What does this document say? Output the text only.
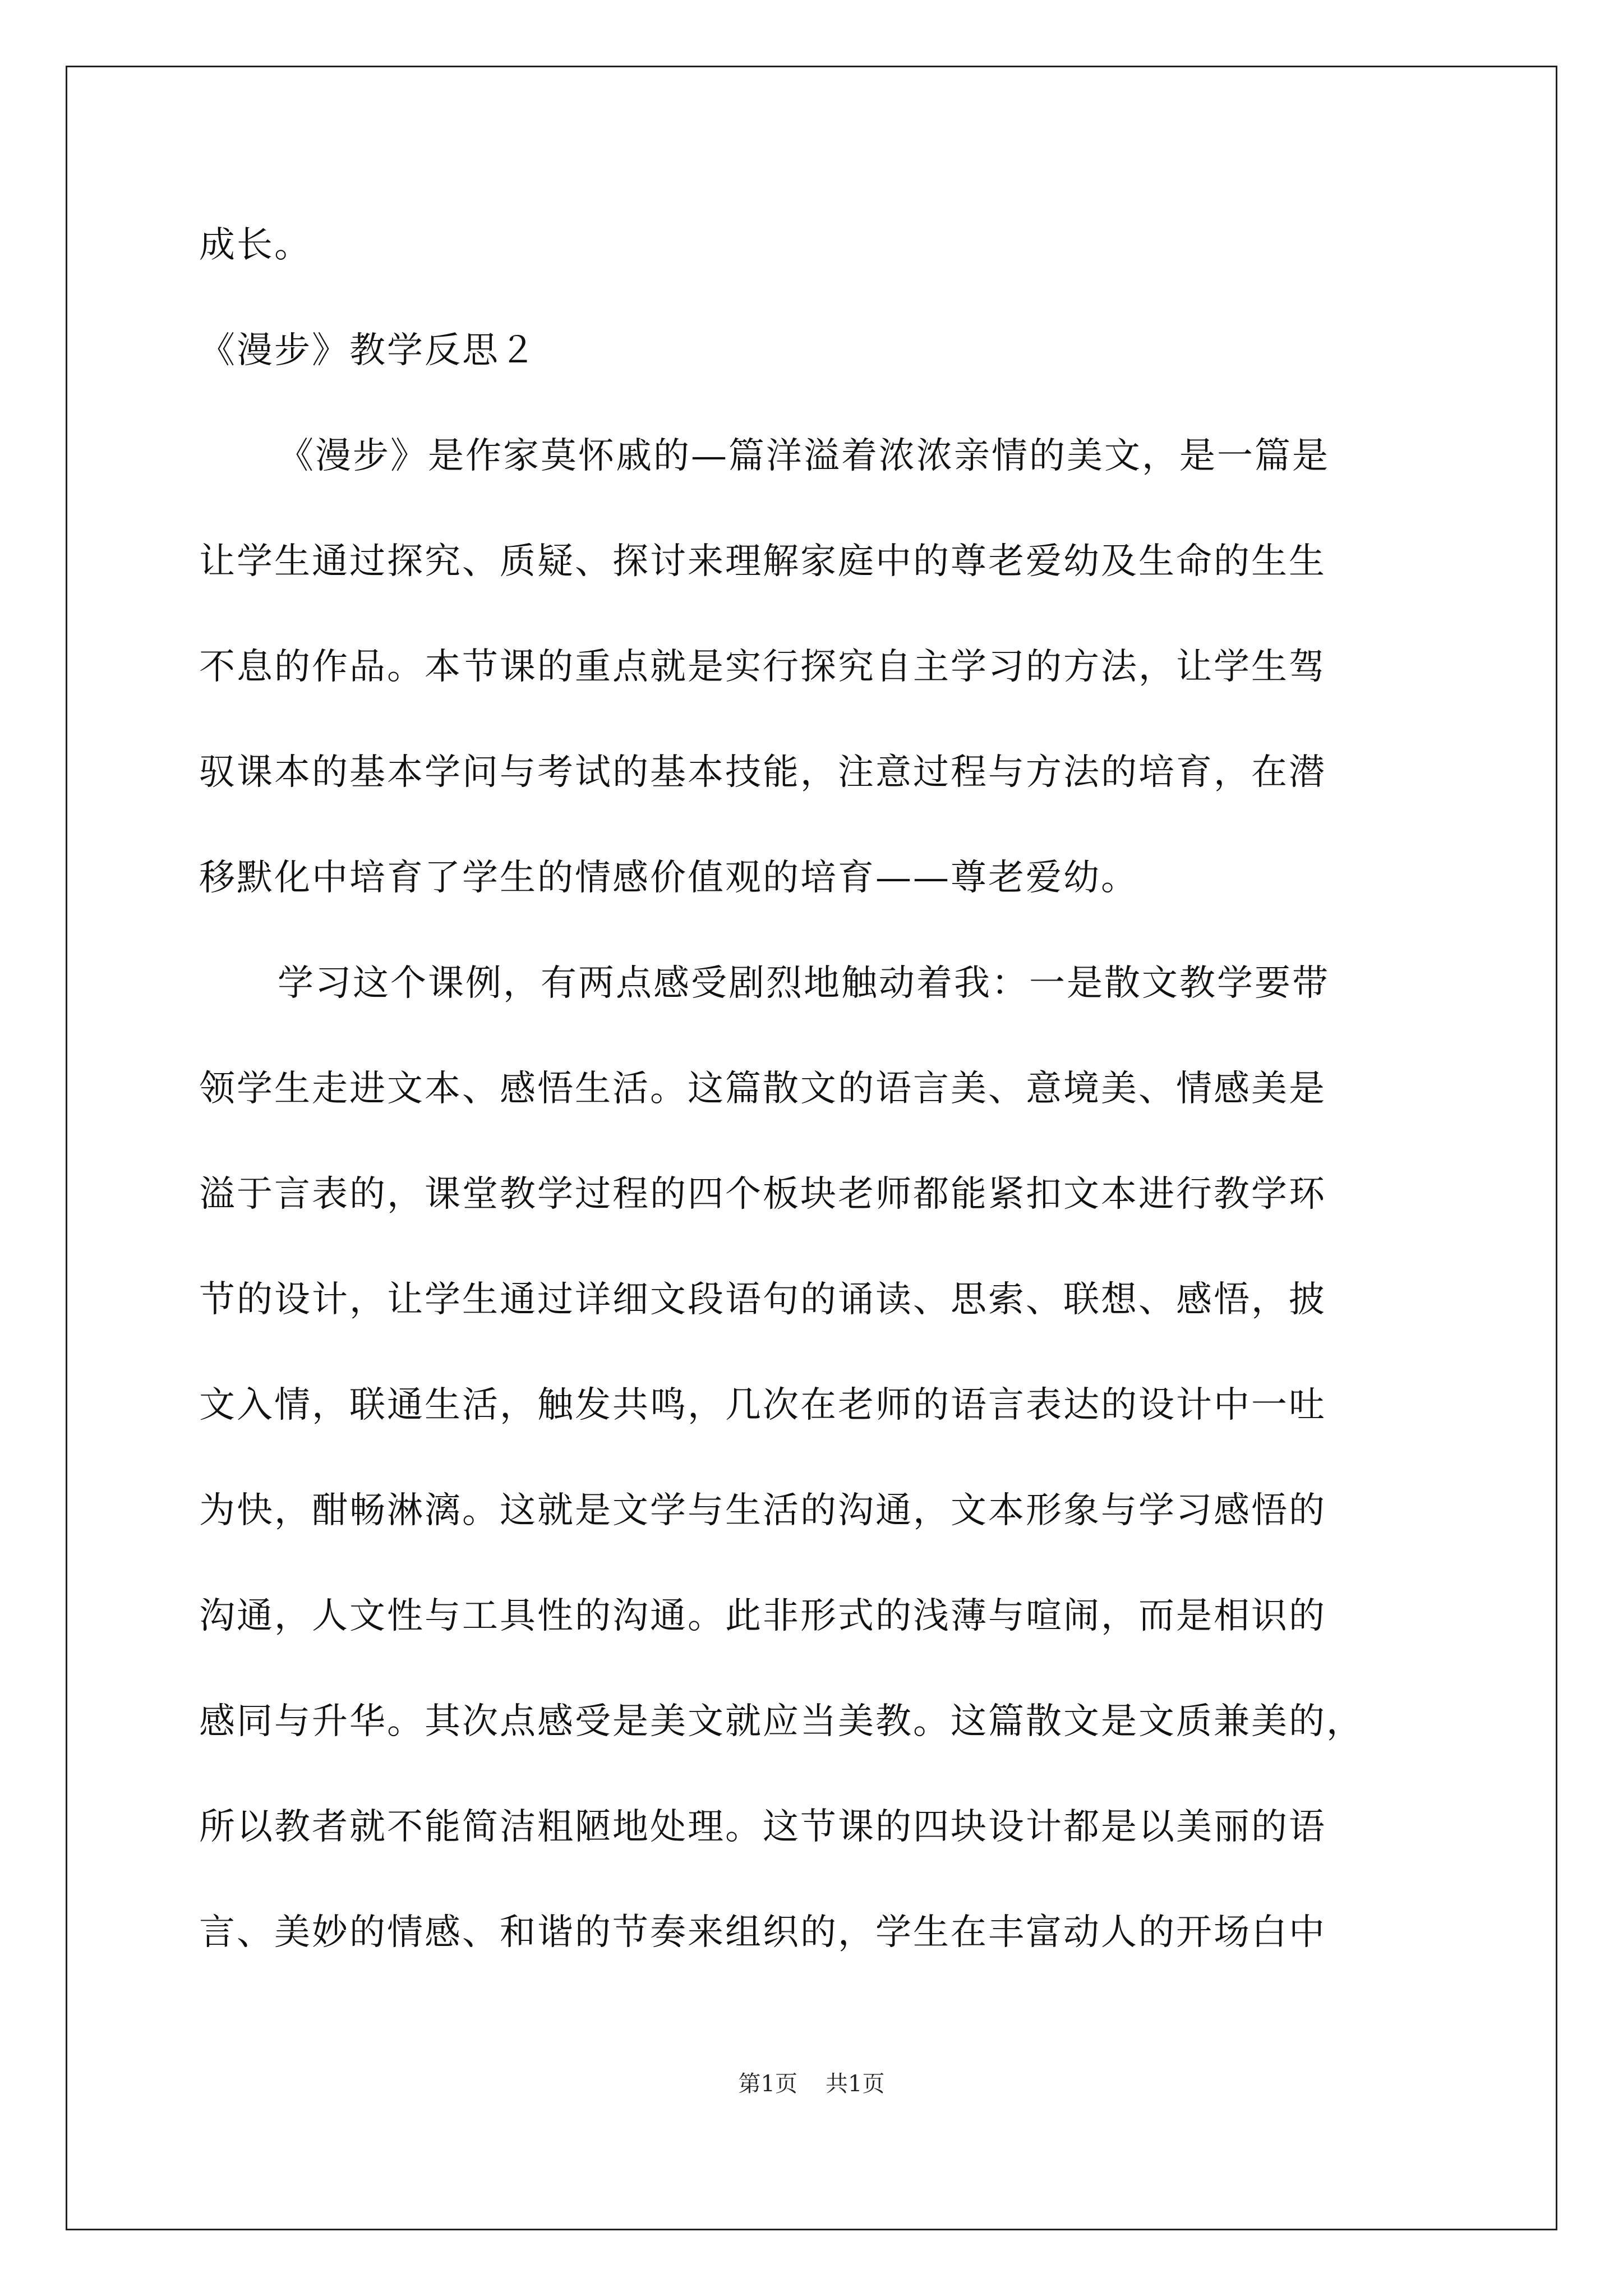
成长。
《漫步》教学反思２
《漫步》是作家莫怀戚的—篇洋溢着浓浓亲情的美文，是一篇是
让学生通过探究、质疑、探讨来理解家庭中的尊老爱幼及生命的生生
不息的作品。本节课的重点就是实行探究自主学习的方法，让学生驾
驭课本的基本学问与考试的基本技能，注意过程与方法的培育，在潜
移默化中培育了学生的情感价值观的培育——尊老爱幼。
学习这个课例，有两点感受剧烈地触动着我：一是散文教学要带
领学生走进文本、感悟生活。这篇散文的语言美、意境美、情感美是
溢于言表的，课堂教学过程的四个板块老师都能紧扣文本进行教学环
节的设计，让学生通过详细文段语句的诵读、思索、联想、感悟，披
文入情，联通生活，触发共鸣，几次在老师的语言表达的设计中一吐
为快，酣畅淋漓。这就是文学与生活的沟通，文本形象与学习感悟的
沟通，人文性与工具性的沟通。此非形式的浅薄与喧闹，而是相识的
感同与升华。其次点感受是美文就应当美教。这篇散文是文质兼美的，
所以教者就不能简洁粗陋地处理。这节课的四块设计都是以美丽的语
言、美妙的情感、和谐的节奏来组织的，学生在丰富动人的开场白中
第1页 共1页
